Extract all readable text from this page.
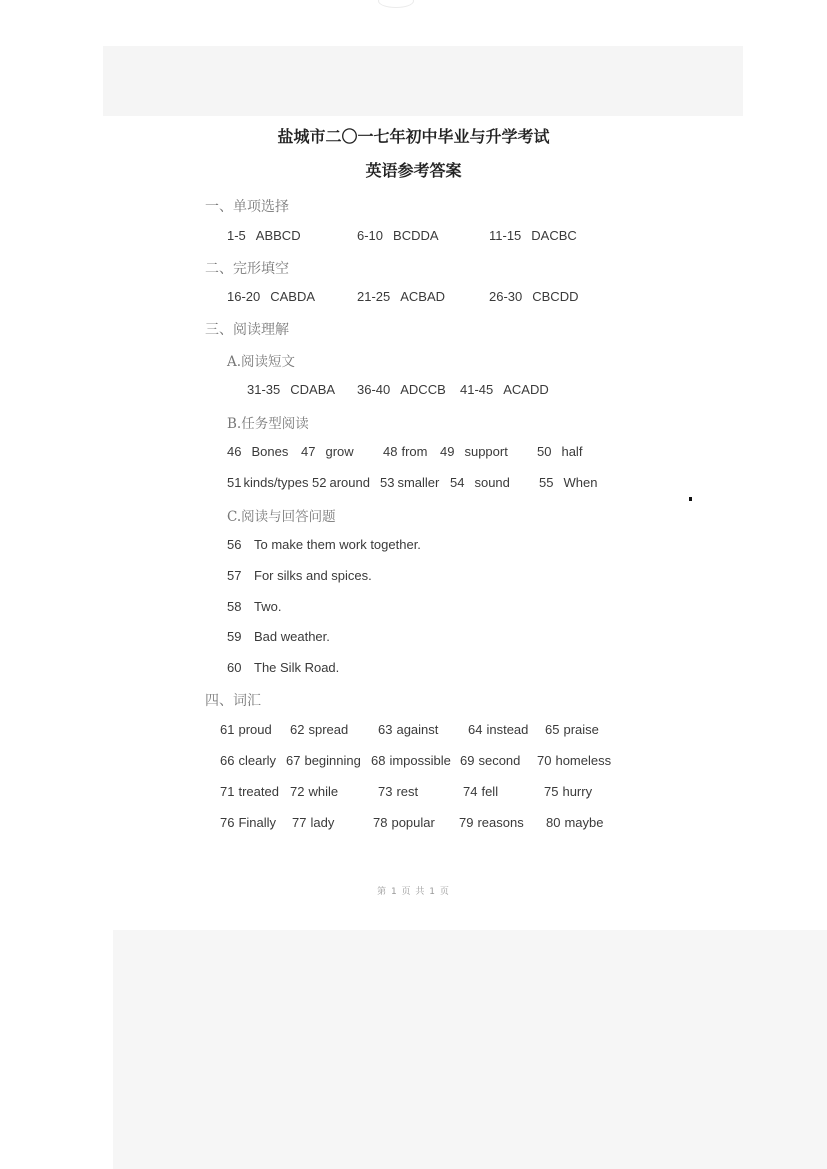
盐城市二〇一七年初中毕业与升学考试
英语参考答案
一、单项选择
1-5 ABBCD	6-10 BCDDA	11-15 DACBC
二、完形填空
16-20 CABDA	21-25 ACBAD	26-30 CBCDD
三、阅读理解
A.阅读短文
31-35 CDABA 36-40 ADCCB 41-45 ACADD
B.任务型阅读
46 Bones 47 grow 48 from 49 support 50 half
51 kinds/types 52 around 53 smaller 54 sound 55 When
C.阅读与回答问题
56 To make them work together.
57 For silks and spices.
58 Two.
59 Bad weather.
60 The Silk Road.
四、词汇
61 proud 62 spread 63 against 64 instead 65 praise
66 clearly 67 beginning 68 impossible 69 second 70 homeless
71 treated 72 while	73 rest	74 fell	75 hurry
76 Finally 77 lady	78 popular 79 reasons 80 maybe
第 1 页 共 1 页
